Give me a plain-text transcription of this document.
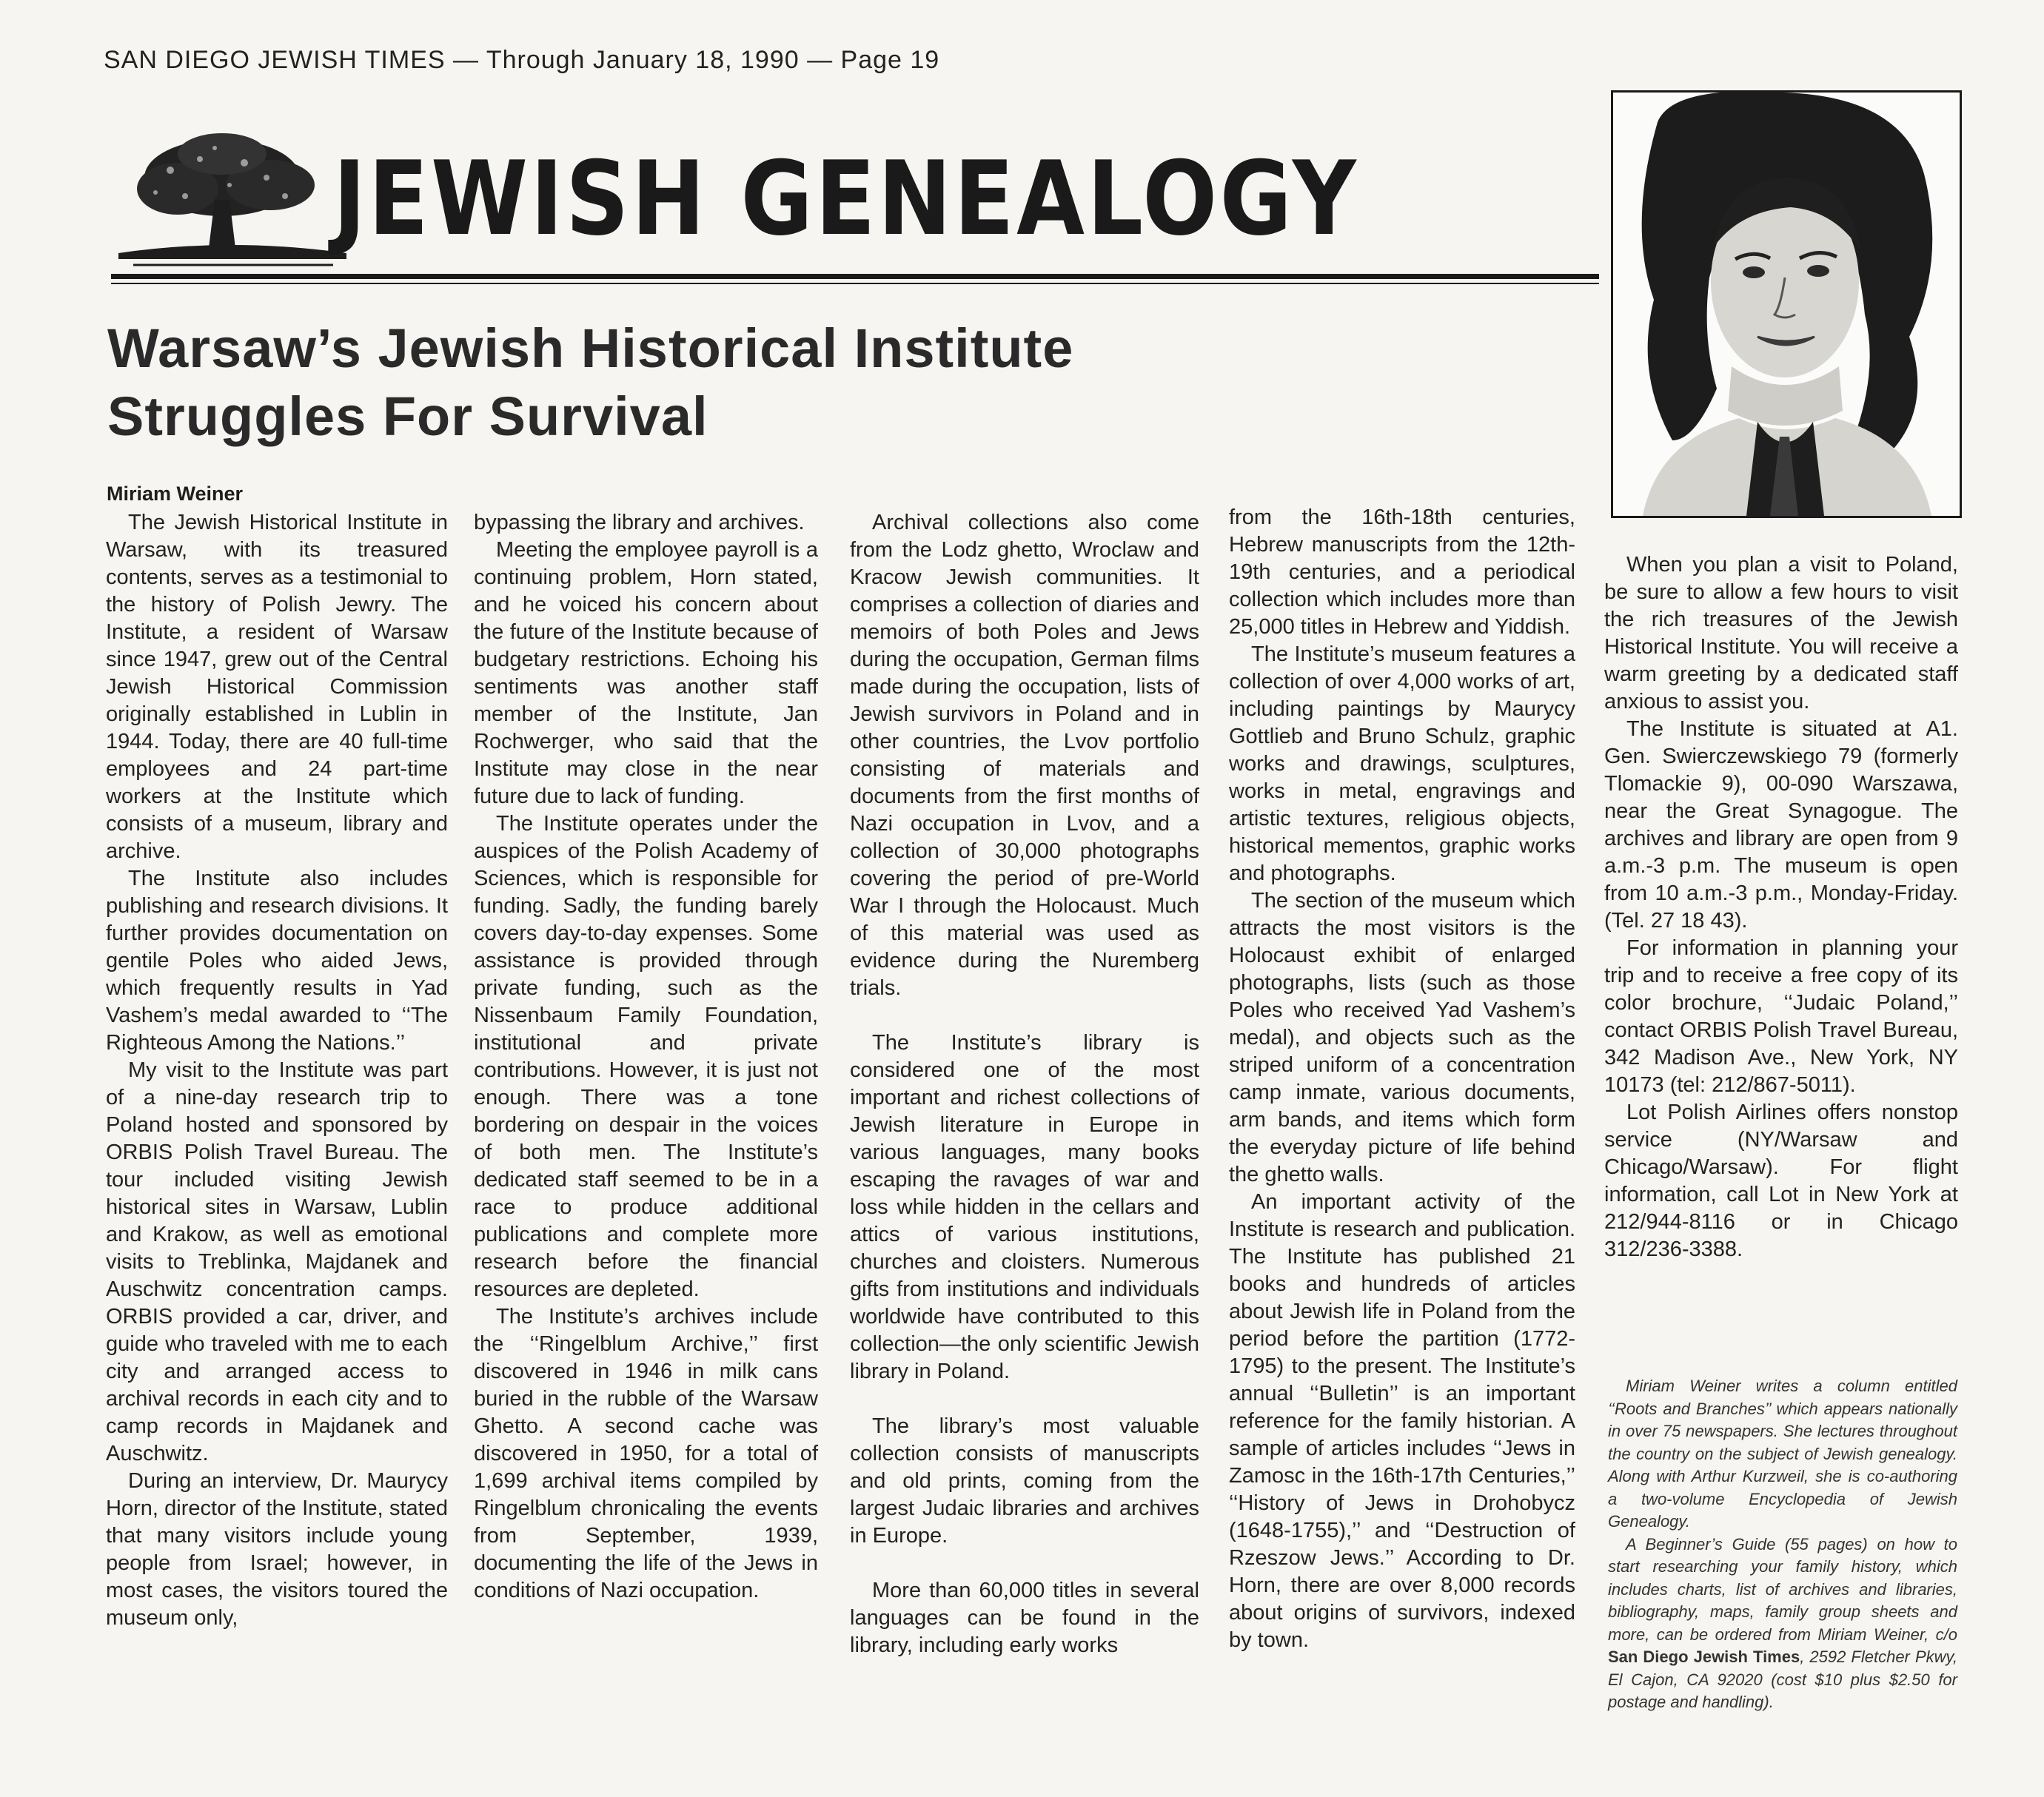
SAN DIEGO JEWISH TIMES — Through January 18, 1990 — Page 19
JEWISH GENEALOGY
Warsaw’s Jewish Historical Institute
Struggles For Survival
Miriam Weiner

The Jewish Historical Institute in Warsaw, with its treasured contents, serves as a testimonial to the history of Polish Jewry. The Institute, a resident of Warsaw since 1947, grew out of the Central Jewish Historical Commission originally established in Lublin in 1944. Today, there are 40 full-time employees and 24 part-time workers at the Institute which consists of a museum, library and archive.

The Institute also includes publishing and research divisions. It further provides documentation on gentile Poles who aided Jews, which frequently results in Yad Vashem’s medal awarded to ‘‘The Righteous Among the Nations.’’

My visit to the Institute was part of a nine-day research trip to Poland hosted and sponsored by ORBIS Polish Travel Bureau. The tour included visiting Jewish historical sites in Warsaw, Lublin and Krakow, as well as emotional visits to Treblinka, Majdanek and Auschwitz concentration camps. ORBIS provided a car, driver, and guide who traveled with me to each city and arranged access to archival records in each city and to camp records in Majdanek and Auschwitz.

During an interview, Dr. Maurycy Horn, director of the Institute, stated that many visitors include young people from Israel; however, in most cases, the visitors toured the museum only,

bypassing the library and archives.

Meeting the employee payroll is a continuing problem, Horn stated, and he voiced his concern about the future of the Institute because of budgetary restrictions. Echoing his sentiments was another staff member of the Institute, Jan Rochwerger, who said that the Institute may close in the near future due to lack of funding.

The Institute operates under the auspices of the Polish Academy of Sciences, which is responsible for funding. Sadly, the funding barely covers day-to-day expenses. Some assistance is provided through private funding, such as the Nissenbaum Family Foundation, institutional and private contributions. However, it is just not enough. There was a tone bordering on despair in the voices of both men. The Institute’s dedicated staff seemed to be in a race to produce additional publications and complete more research before the financial resources are depleted.

The Institute’s archives include the ‘‘Ringelblum Archive,’’ first discovered in 1946 in milk cans buried in the rubble of the Warsaw Ghetto. A second cache was discovered in 1950, for a total of 1,699 archival items compiled by Ringelblum chronicaling the events from September, 1939, documenting the life of the Jews in conditions of Nazi occupation.

Archival collections also come from the Lodz ghetto, Wroclaw and Kracow Jewish communities. It comprises a collection of diaries and memoirs of both Poles and Jews during the occupation, German films made during the occupation, lists of Jewish survivors in Poland and in other countries, the Lvov portfolio consisting of materials and documents from the first months of Nazi occupation in Lvov, and a collection of 30,000 photographs covering the period of pre-World War I through the Holocaust. Much of this material was used as evidence during the Nuremberg trials.

The Institute’s library is considered one of the most important and richest collections of Jewish literature in Europe in various languages, many books escaping the ravages of war and loss while hidden in the cellars and attics of various institutions, churches and cloisters. Numerous gifts from institutions and individuals worldwide have contributed to this collection—the only scientific Jewish library in Poland.

The library’s most valuable collection consists of manuscripts and old prints, coming from the largest Judaic libraries and archives in Europe.

More than 60,000 titles in several languages can be found in the library, including early works

from the 16th-18th centuries, Hebrew manuscripts from the 12th-19th centuries, and a periodical collection which includes more than 25,000 titles in Hebrew and Yiddish.

The Institute’s museum features a collection of over 4,000 works of art, including paintings by Maurycy Gottlieb and Bruno Schulz, graphic works and drawings, sculptures, works in metal, engravings and artistic textures, religious objects, historical mementos, graphic works and photographs.

The section of the museum which attracts the most visitors is the Holocaust exhibit of enlarged photographs, lists (such as those Poles who received Yad Vashem’s medal), and objects such as the striped uniform of a concentration camp inmate, various documents, arm bands, and items which form the everyday picture of life behind the ghetto walls.

An important activity of the Institute is research and publication. The Institute has published 21 books and hundreds of articles about Jewish life in Poland from the period before the partition (1772-1795) to the present. The Institute’s annual ‘‘Bulletin’’ is an important reference for the family historian. A sample of articles includes ‘‘Jews in Zamosc in the 16th-17th Centuries,’’ ‘‘History of Jews in Drohobycz (1648-1755),’’ and ‘‘Destruction of Rzeszow Jews.’’ According to Dr. Horn, there are over 8,000 records about origins of survivors, indexed by town.

When you plan a visit to Poland, be sure to allow a few hours to visit the rich treasures of the Jewish Historical Institute. You will receive a warm greeting by a dedicated staff anxious to assist you.

The Institute is situated at A1. Gen. Swierczewskiego 79 (formerly Tlomackie 9), 00-090 Warszawa, near the Great Synagogue. The archives and library are open from 9 a.m.-3 p.m. The museum is open from 10 a.m.-3 p.m., Monday-Friday. (Tel. 27 18 43).

For information in planning your trip and to receive a free copy of its color brochure, ‘‘Judaic Poland,’’ contact ORBIS Polish Travel Bureau, 342 Madison Ave., New York, NY 10173 (tel: 212/867-5011).

Lot Polish Airlines offers nonstop service (NY/Warsaw and Chicago/Warsaw). For flight information, call Lot in New York at 212/944-8116 or in Chicago 312/236-3388.

Miriam Weiner writes a column entitled ‘‘Roots and Branches’’ which appears nationally in over 75 newspapers. She lectures throughout the country on the subject of Jewish genealogy. Along with Arthur Kurzweil, she is co-authoring a two-volume Encyclopedia of Jewish Genealogy.

A Beginner’s Guide (55 pages) on how to start researching your family history, which includes charts, list of archives and libraries, bibliography, maps, family group sheets and more, can be ordered from Miriam Weiner, c/o San Diego Jewish Times, 2592 Fletcher Pkwy, El Cajon, CA 92020 (cost $10 plus $2.50 for postage and handling).
